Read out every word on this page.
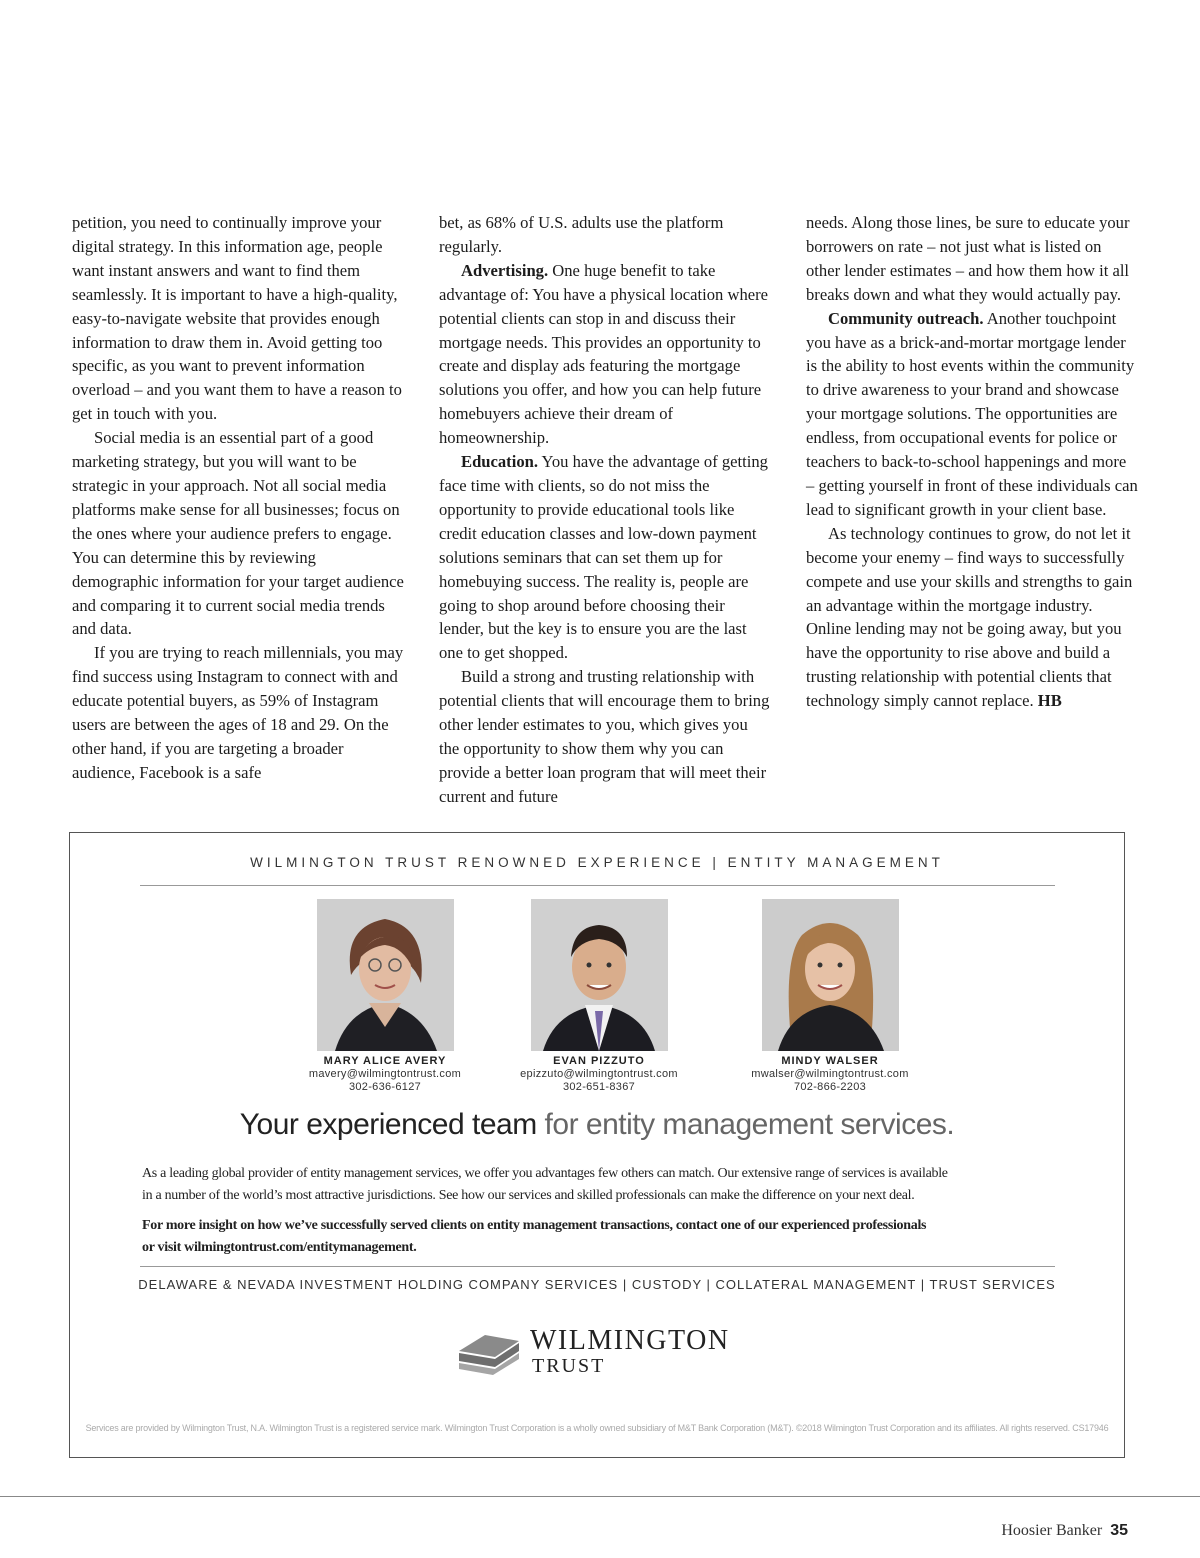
petition, you need to continually improve your digital strategy. In this information age, people want instant answers and want to find them seamlessly. It is important to have a high-quality, easy-to-navigate website that provides enough information to draw them in. Avoid getting too specific, as you want to prevent information overload – and you want them to have a reason to get in touch with you.

Social media is an essential part of a good marketing strategy, but you will want to be strategic in your approach. Not all social media platforms make sense for all businesses; focus on the ones where your audience prefers to engage. You can determine this by reviewing demographic information for your target audience and comparing it to current social media trends and data.

If you are trying to reach millennials, you may find success using Instagram to connect with and educate potential buyers, as 59% of Instagram users are between the ages of 18 and 29. On the other hand, if you are targeting a broader audience, Facebook is a safe

bet, as 68% of U.S. adults use the platform regularly.

Advertising. One huge benefit to take advantage of: You have a physical location where potential clients can stop in and discuss their mortgage needs. This provides an opportunity to create and display ads featuring the mortgage solutions you offer, and how you can help future homebuyers achieve their dream of homeownership.

Education. You have the advantage of getting face time with clients, so do not miss the opportunity to provide educational tools like credit education classes and low-down payment solutions seminars that can set them up for homebuying success. The reality is, people are going to shop around before choosing their lender, but the key is to ensure you are the last one to get shopped.

Build a strong and trusting relationship with potential clients that will encourage them to bring other lender estimates to you, which gives you the opportunity to show them why you can provide a better loan program that will meet their current and future

needs. Along those lines, be sure to educate your borrowers on rate – not just what is listed on other lender estimates – and how them how it all breaks down and what they would actually pay.

Community outreach. Another touchpoint you have as a brick-and-mortar mortgage lender is the ability to host events within the community to drive awareness to your brand and showcase your mortgage solutions. The opportunities are endless, from occupational events for police or teachers to back-to-school happenings and more – getting yourself in front of these individuals can lead to significant growth in your client base.

As technology continues to grow, do not let it become your enemy – find ways to successfully compete and use your skills and strengths to gain an advantage within the mortgage industry. Online lending may not be going away, but you have the opportunity to rise above and build a trusting relationship with potential clients that technology simply cannot replace. HB

WILMINGTON TRUST RENOWNED EXPERIENCE | ENTITY MANAGEMENT
MARY ALICE AVERY
mavery@wilmingtontrust.com
302-636-6127
EVAN PIZZUTO
epizzuto@wilmingtontrust.com
302-651-8367
MINDY WALSER
mwalser@wilmingtontrust.com
702-866-2203
Your experienced team for entity management services.
As a leading global provider of entity management services, we offer you advantages few others can match. Our extensive range of services is available
in a number of the world’s most attractive jurisdictions. See how our services and skilled professionals can make the difference on your next deal.
For more insight on how we’ve successfully served clients on entity management transactions, contact one of our experienced professionals
or visit wilmingtontrust.com/entitymanagement.
DELAWARE & NEVADA INVESTMENT HOLDING COMPANY SERVICES | CUSTODY | COLLATERAL MANAGEMENT | TRUST SERVICES
WILMINGTON
TRUST
Services are provided by Wilmington Trust, N.A. Wilmington Trust is a registered service mark. Wilmington Trust Corporation is a wholly owned subsidiary of M&T Bank Corporation (M&T). ©2018 Wilmington Trust Corporation and its affiliates. All rights reserved. CS17946
Hoosier Banker 35
